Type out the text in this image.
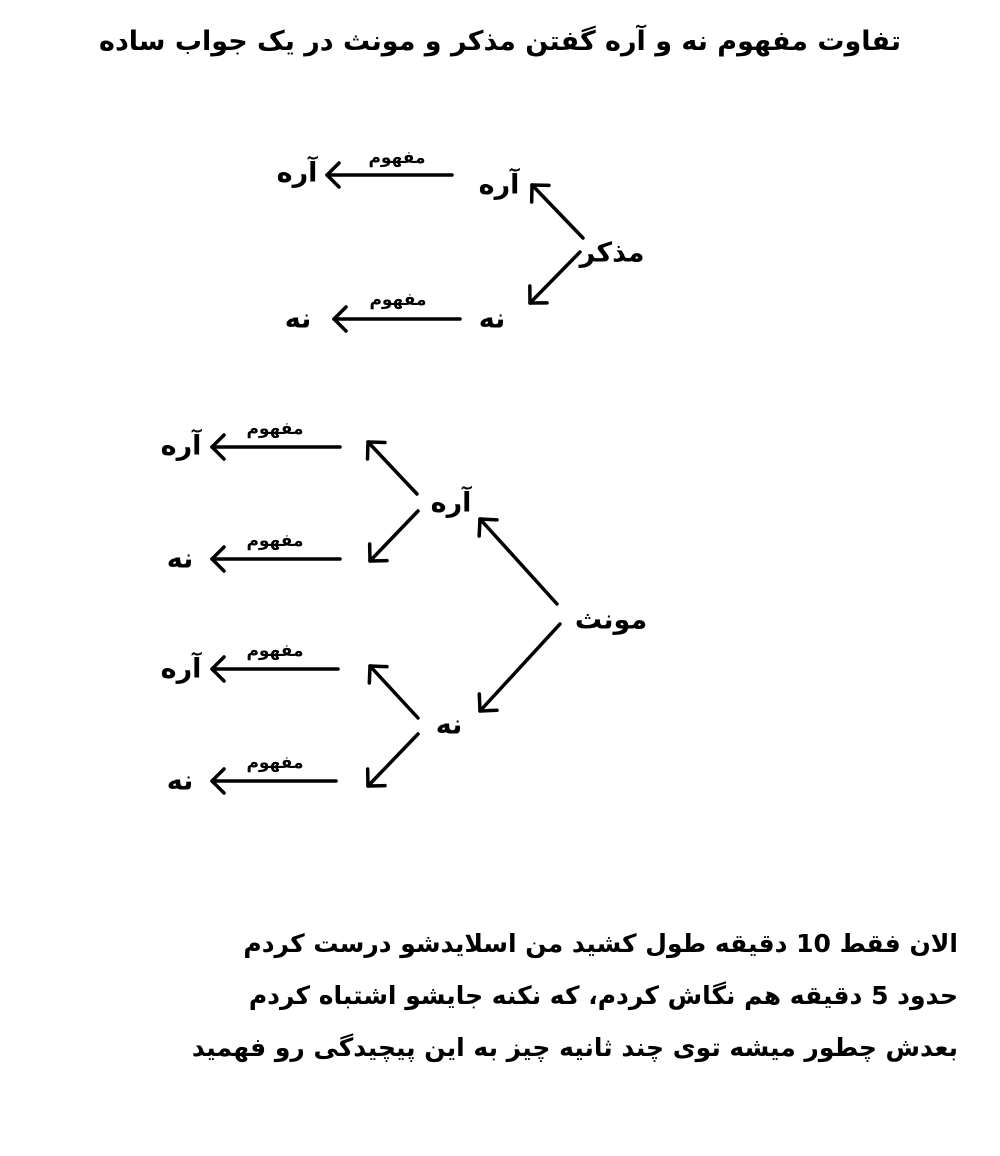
تفاوت مفهوم نه و آره گفتن مذکر و مونث در یک جواب ساده
مفهوم
مفهوم
مفهوم
مفهوم
مفهوم
مفهوم
مذکر
آره
آره
نه
نه
مونث
آره
آره
نه
نه
آره
نه
الان فقط 10 دقیقه طول کشید من اسلایدشو درست کردم
حدود 5 دقیقه هم نگاش کردم، که نکنه جایشو اشتباه کردم
بعدش چطور میشه توی چند ثانیه چیز به این پیچیدگی رو فهمید
